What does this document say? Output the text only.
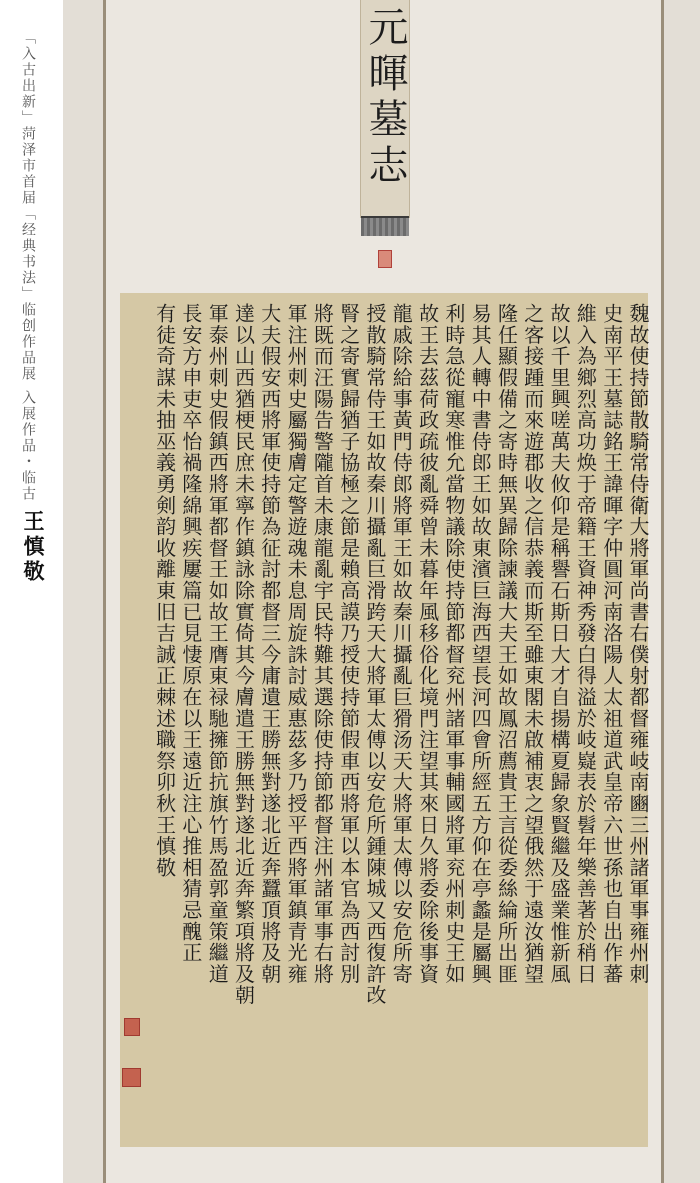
「入古出新」菏泽市首届「经典书法」临创作品展
入展作品・临古
王慎敬
元暉墓志
魏故使持節散騎常侍衛大將軍尚書右僕射都督雍岐南豳三州諸軍事雍州刺
史南平王墓誌銘王諱暉字仲圓河南洛陽人太祖道武皇帝六世孫也自出作蕃
維入為鄉烈高功焕于帝籍王資神秀發白得溢於岐嶷表於髫年樂善著於稍日
故以千里興嗟萬夫攸仰是稱譽石斯日大才自揚構夏歸象賢繼及盛業惟新風
之客接踵而來遊郡收之信恭義而斯至雖東閣未啟補衷之望俄然于遠汝猶望
隆任顯假備之寄時無異歸除諫議大夫王如故鳳沼薦貴王言從委絲綸所出匪
易其人轉中書侍郎王如故東濱巨海西望長河四會所經五方仰在亭蠡是屬興
利時急從寵寒惟允當物議除使持節都督兖州諸軍事輔國將軍兖州刺史王如
故王去茲荷政疏彼亂舜曾未暮年風移俗化境門注望其來日久將委除後事資
龍戚除給事黃門侍郎將軍王如故秦川攝亂巨猾汤天大將軍太傅以安危所寄
授散騎常侍王如故秦川攝亂巨滑跨天大將軍太傅以安危所鍾陳城又西復許改
腎之寄實歸猶子協極之節是賴高謨乃授使持節假車西將軍以本官為西討別
將既而汪陽告警隴首未康龍亂宇民特難其選除使持節都督注州諸軍事右將
軍注州刺史屬獨膚定警遊魂未息周旋誅討威惠茲多乃授平西將軍鎮青光雍
大夫假安西將軍使持節為征討都督三今庸遺王勝無對遂北近奔蠶頂將及朝
達以山西猶梗民庶未寧作鎮詠除實倚其今膚遣王勝無對遂北近奔繁項將及朝
軍泰州刺史假鎮西將軍都督王如故王膺東禄馳擁節抗旗竹馬盈郭童策繼道
長安方申吏卒怡禍隆綿興疾屢篇已見悽原在以王遠近注心推相猜忌醜正
有徒奇謀未抽巫義勇剣韵收離東旧吉誠正棘述職祭卯秋王慎敬
